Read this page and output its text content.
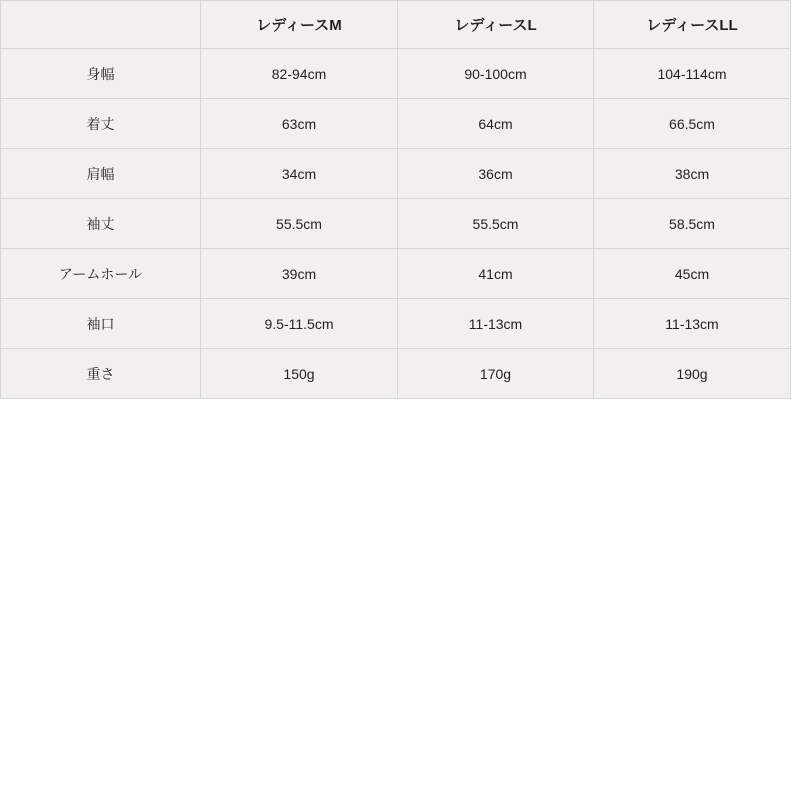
	レディースM	レディースL	レディースLL
身幅	82-94cm	90-100cm	104-114cm
着丈	63cm	64cm	66.5cm
肩幅	34cm	36cm	38cm
袖丈	55.5cm	55.5cm	58.5cm
アームホール	39cm	41cm	45cm
袖口	9.5-11.5cm	11-13cm	11-13cm
重さ	150g	170g	190g
